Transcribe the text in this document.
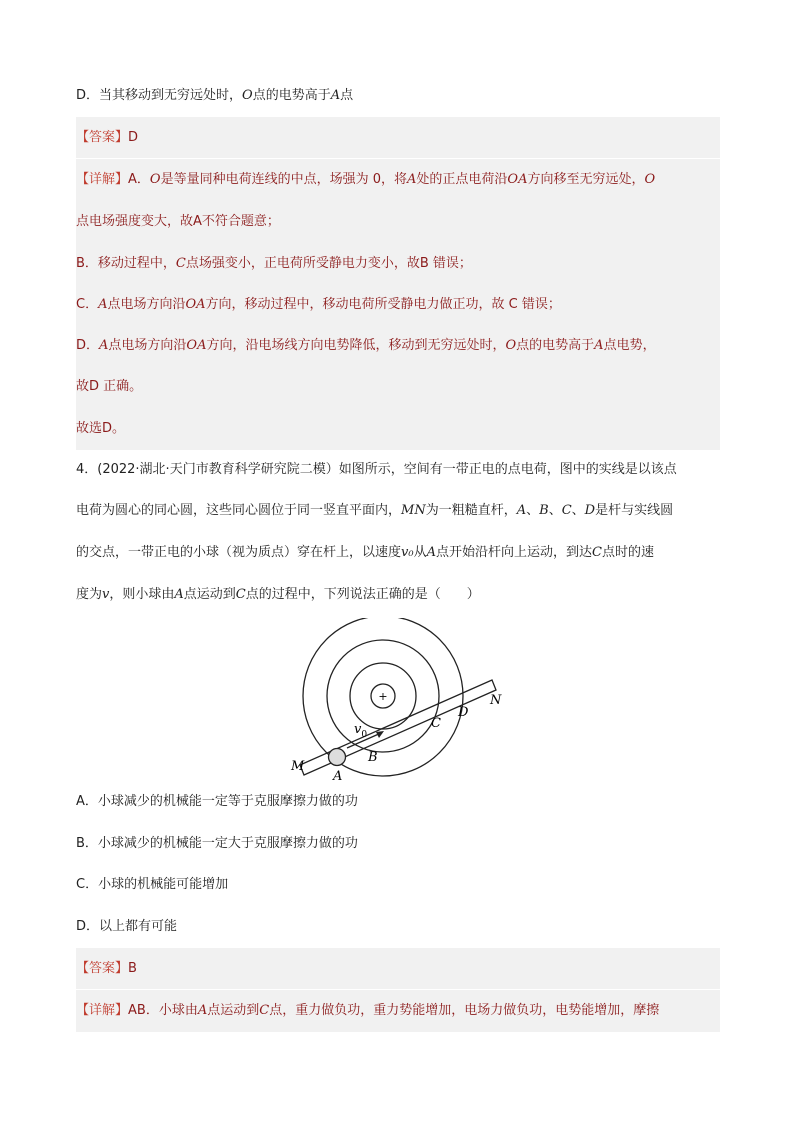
D．当其移动到无穷远处时，O点的电势高于A点
【答案】D
【详解】A．O是等量同种电荷连线的中点，场强为 0，将A处的正点电荷沿OA方向移至无穷远处，O
点电场强度变大，故A不符合题意；
B．移动过程中，C点场强变小，正电荷所受静电力变小，故B 错误；
C．A点电场方向沿OA方向，移动过程中，移动电荷所受静电力做正功，故 C 错误；
D．A点电场方向沿OA方向，沿电场线方向电势降低，移动到无穷远处时，O点的电势高于A点电势，
故D 正确。
故选D。
4．(2022·湖北·天门市教育科学研究院二模）如图所示，空间有一带正电的点电荷，图中的实线是以该点
电荷为圆心的同心圆，这些同心圆位于同一竖直平面内，MN为一粗糙直杆，A、B、C、D是杆与实线圆
的交点，一带正电的小球（视为质点）穿在杆上，以速度v₀从A点开始沿杆向上运动，到达C点时的速
度为v，则小球由A点运动到C点的过程中，下列说法正确的是（　　）
+
M
N
A
B
C
D
$v_0$
A．小球减少的机械能一定等于克服摩擦力做的功
B．小球减少的机械能一定大于克服摩擦力做的功
C．小球的机械能可能增加
D．以上都有可能
【答案】B
【详解】AB．小球由A点运动到C点，重力做负功，重力势能增加，电场力做负功，电势能增加，摩擦
